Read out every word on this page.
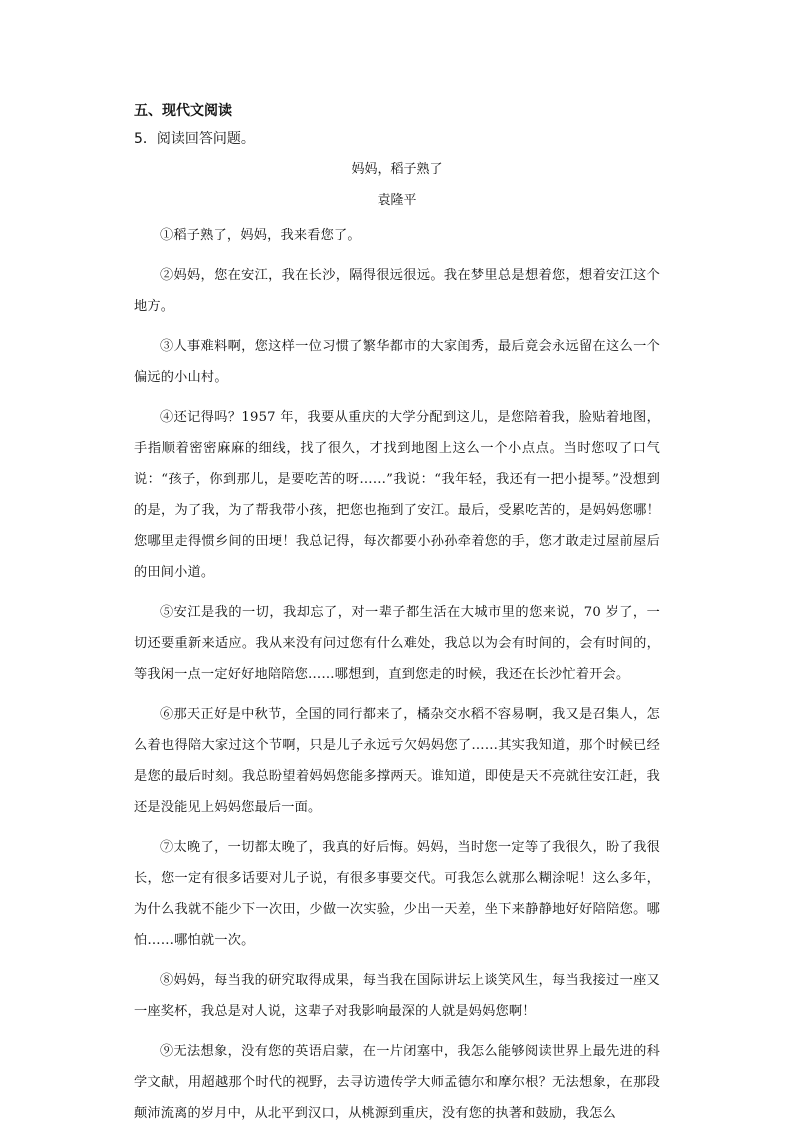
五、现代文阅读

5．阅读回答问题。

妈妈，稻子熟了

袁隆平

①稻子熟了，妈妈，我来看您了。

②妈妈，您在安江，我在长沙，隔得很远很远。我在梦里总是想着您，想着安江这个地方。

③人事难料啊，您这样一位习惯了繁华都市的大家闺秀，最后竟会永远留在这么一个偏远的小山村。

④还记得吗？1957 年，我要从重庆的大学分配到这儿，是您陪着我，脸贴着地图，手指顺着密密麻麻的细线，找了很久，才找到地图上这么一个小点点。当时您叹了口气说：“孩子，你到那儿，是要吃苦的呀……”我说：“我年轻，我还有一把小提琴。”没想到的是，为了我，为了帮我带小孩，把您也拖到了安江。最后，受累吃苦的，是妈妈您哪！您哪里走得惯乡间的田埂！我总记得，每次都要小孙孙牵着您的手，您才敢走过屋前屋后的田间小道。

⑤安江是我的一切，我却忘了，对一辈子都生活在大城市里的您来说，70 岁了，一切还要重新来适应。我从来没有问过您有什么难处，我总以为会有时间的，会有时间的，等我闲一点一定好好地陪陪您……哪想到，直到您走的时候，我还在长沙忙着开会。

⑥那天正好是中秋节，全国的同行都来了，橘杂交水稻不容易啊，我又是召集人，怎么着也得陪大家过这个节啊，只是儿子永远亏欠妈妈您了……其实我知道，那个时候已经是您的最后时刻。我总盼望着妈妈您能多撑两天。谁知道，即使是天不亮就往安江赶，我还是没能见上妈妈您最后一面。

⑦太晚了，一切都太晚了，我真的好后悔。妈妈，当时您一定等了我很久，盼了我很长，您一定有很多话要对儿子说，有很多事要交代。可我怎么就那么糊涂呢！这么多年，为什么我就不能少下一次田，少做一次实验，少出一天差，坐下来静静地好好陪陪您。哪怕……哪怕就一次。

⑧妈妈，每当我的研究取得成果，每当我在国际讲坛上谈笑风生，每当我接过一座又一座奖杯，我总是对人说，这辈子对我影响最深的人就是妈妈您啊！

⑨无法想象，没有您的英语启蒙，在一片闭塞中，我怎么能够阅读世界上最先进的科学文献，用超越那个时代的视野，去寻访遗传学大师孟德尔和摩尔根？无法想象，在那段颠沛流离的岁月中，从北平到汉口，从桃源到重庆，没有您的执著和鼓励，我怎么
